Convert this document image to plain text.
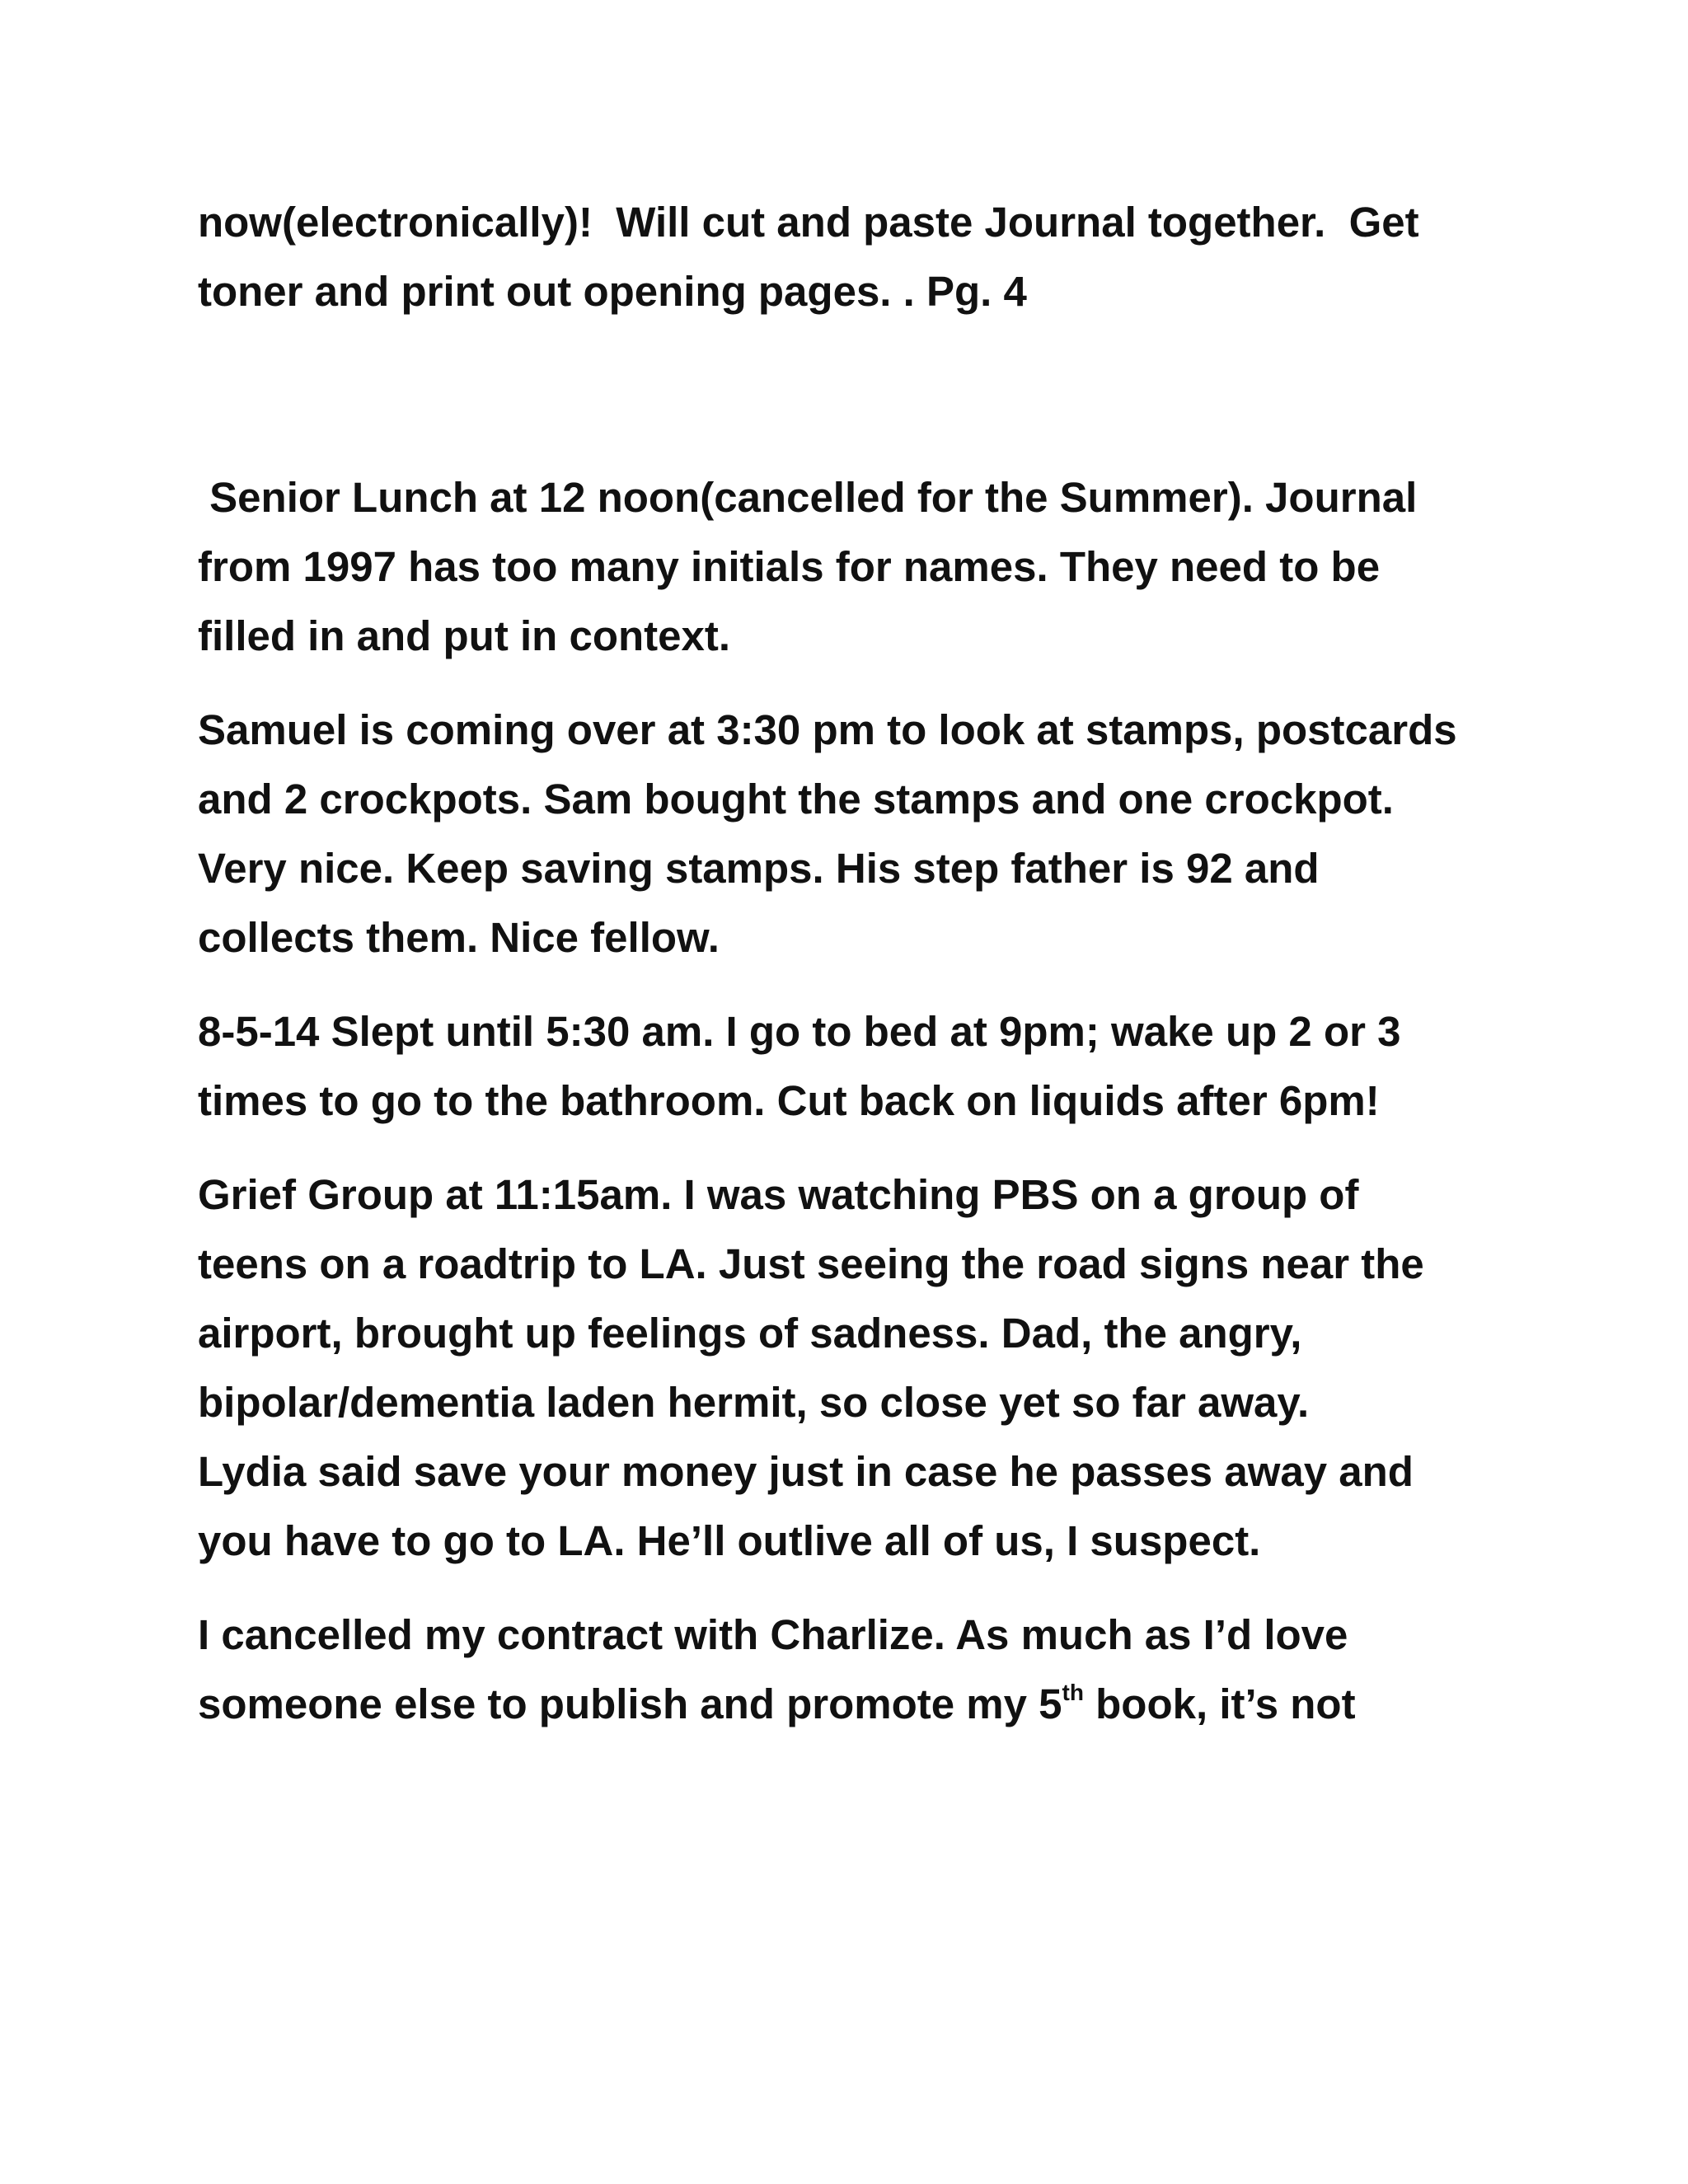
now(electronically)!  Will cut and paste Journal together.  Get
toner and print out opening pages. . Pg. 4

Senior Lunch at 12 noon(cancelled for the Summer). Journal
from 1997 has too many initials for names. They need to be
filled in and put in context.

Samuel is coming over at 3:30 pm to look at stamps, postcards
and 2 crockpots. Sam bought the stamps and one crockpot.
Very nice. Keep saving stamps. His step father is 92 and
collects them. Nice fellow.

8-5-14 Slept until 5:30 am. I go to bed at 9pm; wake up 2 or 3
times to go to the bathroom. Cut back on liquids after 6pm!

Grief Group at 11:15am. I was watching PBS on a group of
teens on a roadtrip to LA. Just seeing the road signs near the
airport, brought up feelings of sadness. Dad, the angry,
bipolar/dementia laden hermit, so close yet so far away.
Lydia said save your money just in case he passes away and
you have to go to LA. He’ll outlive all of us, I suspect.

I cancelled my contract with Charlize. As much as I’d love
someone else to publish and promote my 5th book, it’s not
